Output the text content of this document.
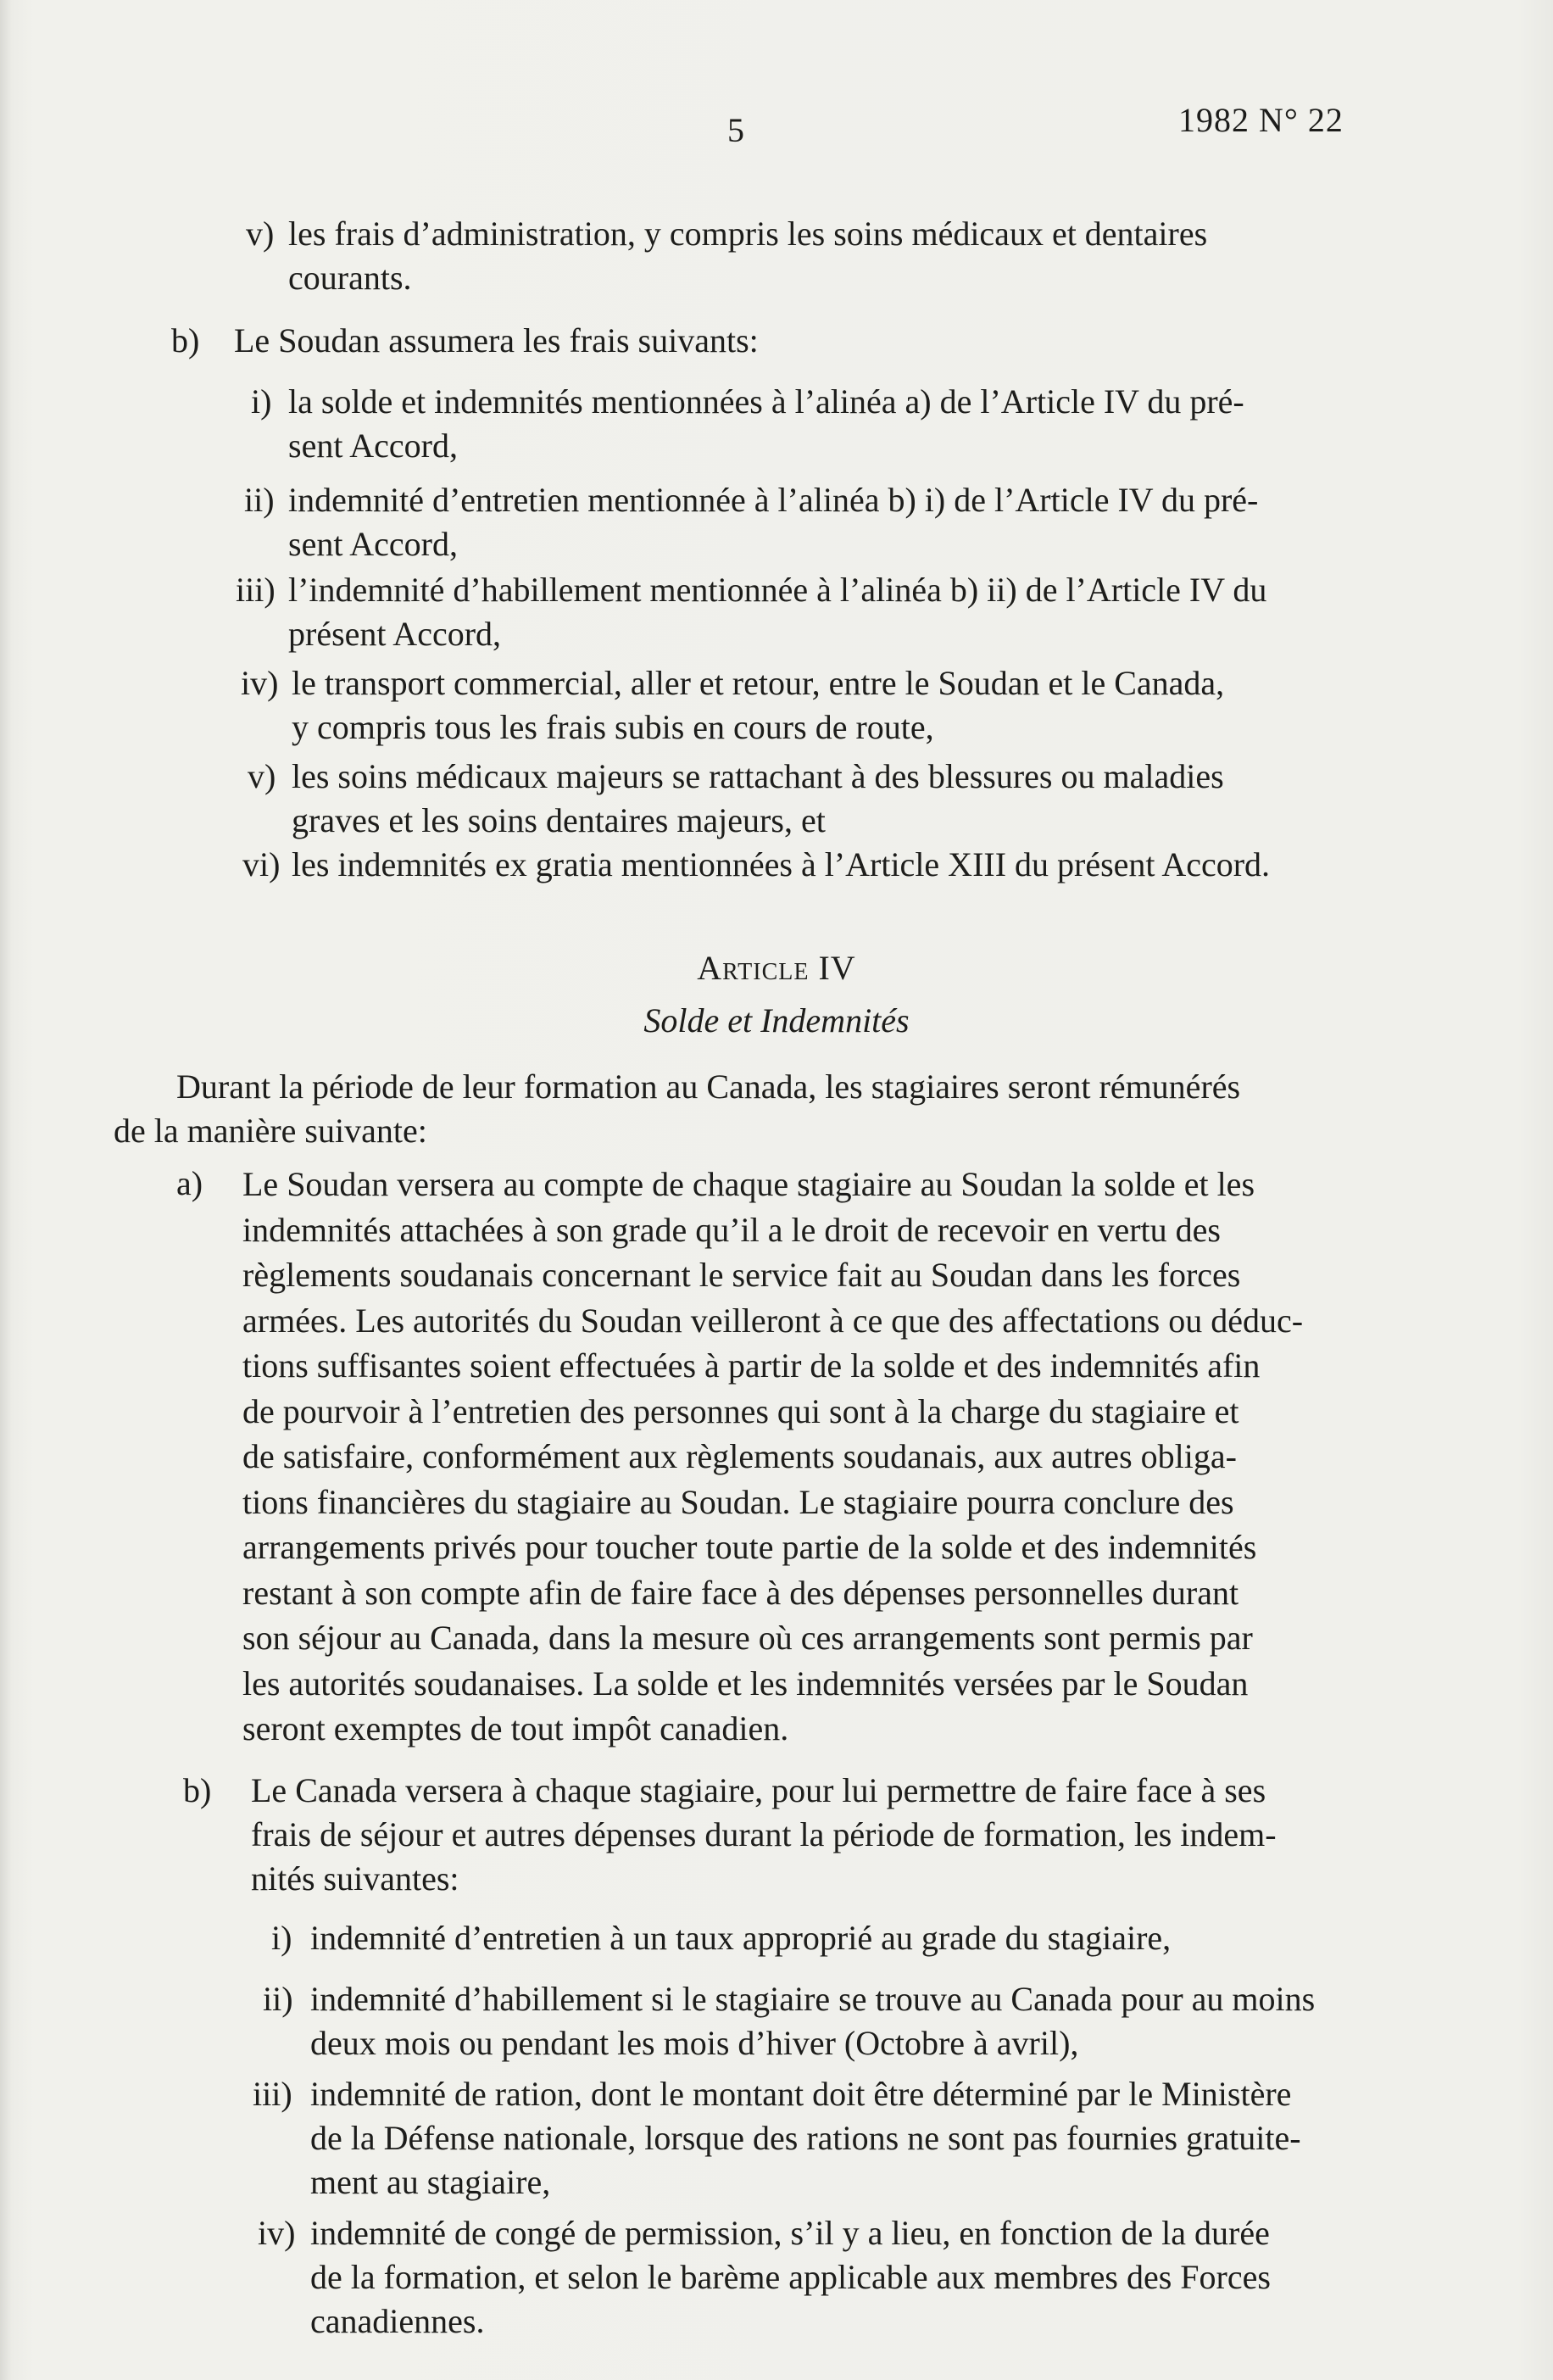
5	1982 N° 22
v) les frais d’administration, y compris les soins médicaux et dentaires
courants.
b) Le Soudan assumera les frais suivants:
i) la solde et indemnités mentionnées à l’alinéa a) de l’Article IV du pré-
sent Accord,
ii) indemnité d’entretien mentionnée à l’alinéa b) i) de l’Article IV du pré-
sent Accord,
iii) l’indemnité d’habillement mentionnée à l’alinéa b) ii) de l’Article IV du
présent Accord,
iv) le transport commercial, aller et retour, entre le Soudan et le Canada,
y compris tous les frais subis en cours de route,
v) les soins médicaux majeurs se rattachant à des blessures ou maladies
graves et les soins dentaires majeurs, et
vi) les indemnités ex gratia mentionnées à l’Article XIII du présent Accord.
Article IV
Solde et Indemnités
Durant la période de leur formation au Canada, les stagiaires seront rémunérés
de la manière suivante:
a) Le Soudan versera au compte de chaque stagiaire au Soudan la solde et les
indemnités attachées à son grade qu’il a le droit de recevoir en vertu des
règlements soudanais concernant le service fait au Soudan dans les forces
armées. Les autorités du Soudan veilleront à ce que des affectations ou déduc-
tions suffisantes soient effectuées à partir de la solde et des indemnités afin
de pourvoir à l’entretien des personnes qui sont à la charge du stagiaire et
de satisfaire, conformément aux règlements soudanais, aux autres obliga-
tions financières du stagiaire au Soudan. Le stagiaire pourra conclure des
arrangements privés pour toucher toute partie de la solde et des indemnités
restant à son compte afin de faire face à des dépenses personnelles durant
son séjour au Canada, dans la mesure où ces arrangements sont permis par
les autorités soudanaises. La solde et les indemnités versées par le Soudan
seront exemptes de tout impôt canadien.
b) Le Canada versera à chaque stagiaire, pour lui permettre de faire face à ses
frais de séjour et autres dépenses durant la période de formation, les indem-
nités suivantes:
i) indemnité d’entretien à un taux approprié au grade du stagiaire,
ii) indemnité d’habillement si le stagiaire se trouve au Canada pour au moins
deux mois ou pendant les mois d’hiver (Octobre à avril),
iii) indemnité de ration, dont le montant doit être déterminé par le Ministère
de la Défense nationale, lorsque des rations ne sont pas fournies gratuite-
ment au stagiaire,
iv) indemnité de congé de permission, s’il y a lieu, en fonction de la durée
de la formation, et selon le barème applicable aux membres des Forces
canadiennes.
